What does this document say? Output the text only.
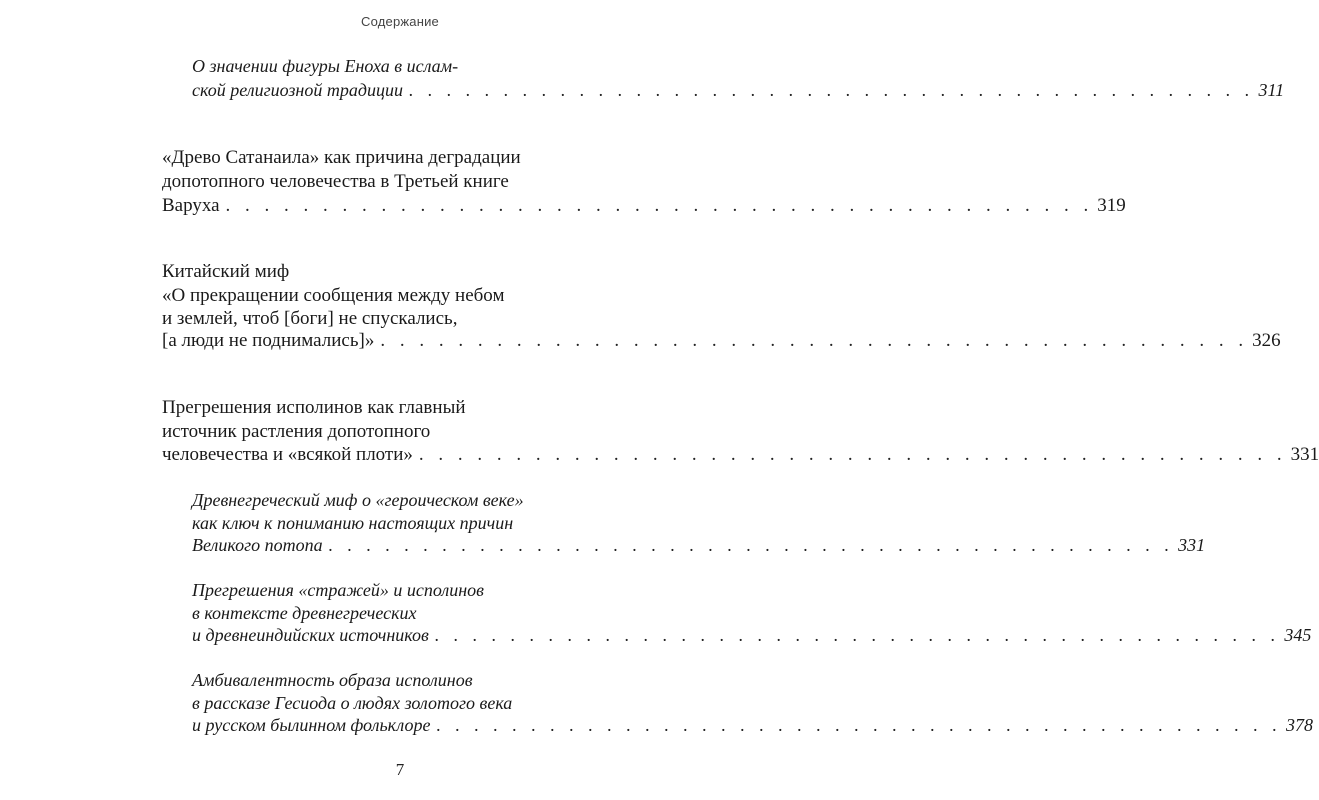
Содержание
О значении фигуры Еноха в ислам-
ской религиозной традиции . . . . . . . . . . . . . . . . . . . . . . . . . . . . . . . . . . . . . . . . . . . . . 311
«Древо Сатанаила» как причина деградации
допотопного человечества в Третьей книге
Варуха . . . . . . . . . . . . . . . . . . . . . . . . . . . . . . . . . . . . . . . . . . . . . 319
Китайский миф
«О прекращении сообщения между небом
и землей, чтоб [боги] не спускались,
[а люди не поднимались]» . . . . . . . . . . . . . . . . . . . . . . . . . . . . . . . . . . . . . . . . . . . . . 326
Прегрешения исполинов как главный
источник растления допотопного
человечества и «всякой плоти» . . . . . . . . . . . . . . . . . . . . . . . . . . . . . . . . . . . . . . . . . . . . . 331
Древнегреческий миф о «героическом веке»
как ключ к пониманию настоящих причин
Великого потопа . . . . . . . . . . . . . . . . . . . . . . . . . . . . . . . . . . . . . . . . . . . . . 331
Прегрешения «стражей» и исполинов
в контексте древнегреческих
и древнеиндийских источников . . . . . . . . . . . . . . . . . . . . . . . . . . . . . . . . . . . . . . . . . . . . . 345
Амбивалентность образа исполинов
в рассказе Гесиода о людях золотого века
и русском былинном фольклоре . . . . . . . . . . . . . . . . . . . . . . . . . . . . . . . . . . . . . . . . . . . . . 378
7
